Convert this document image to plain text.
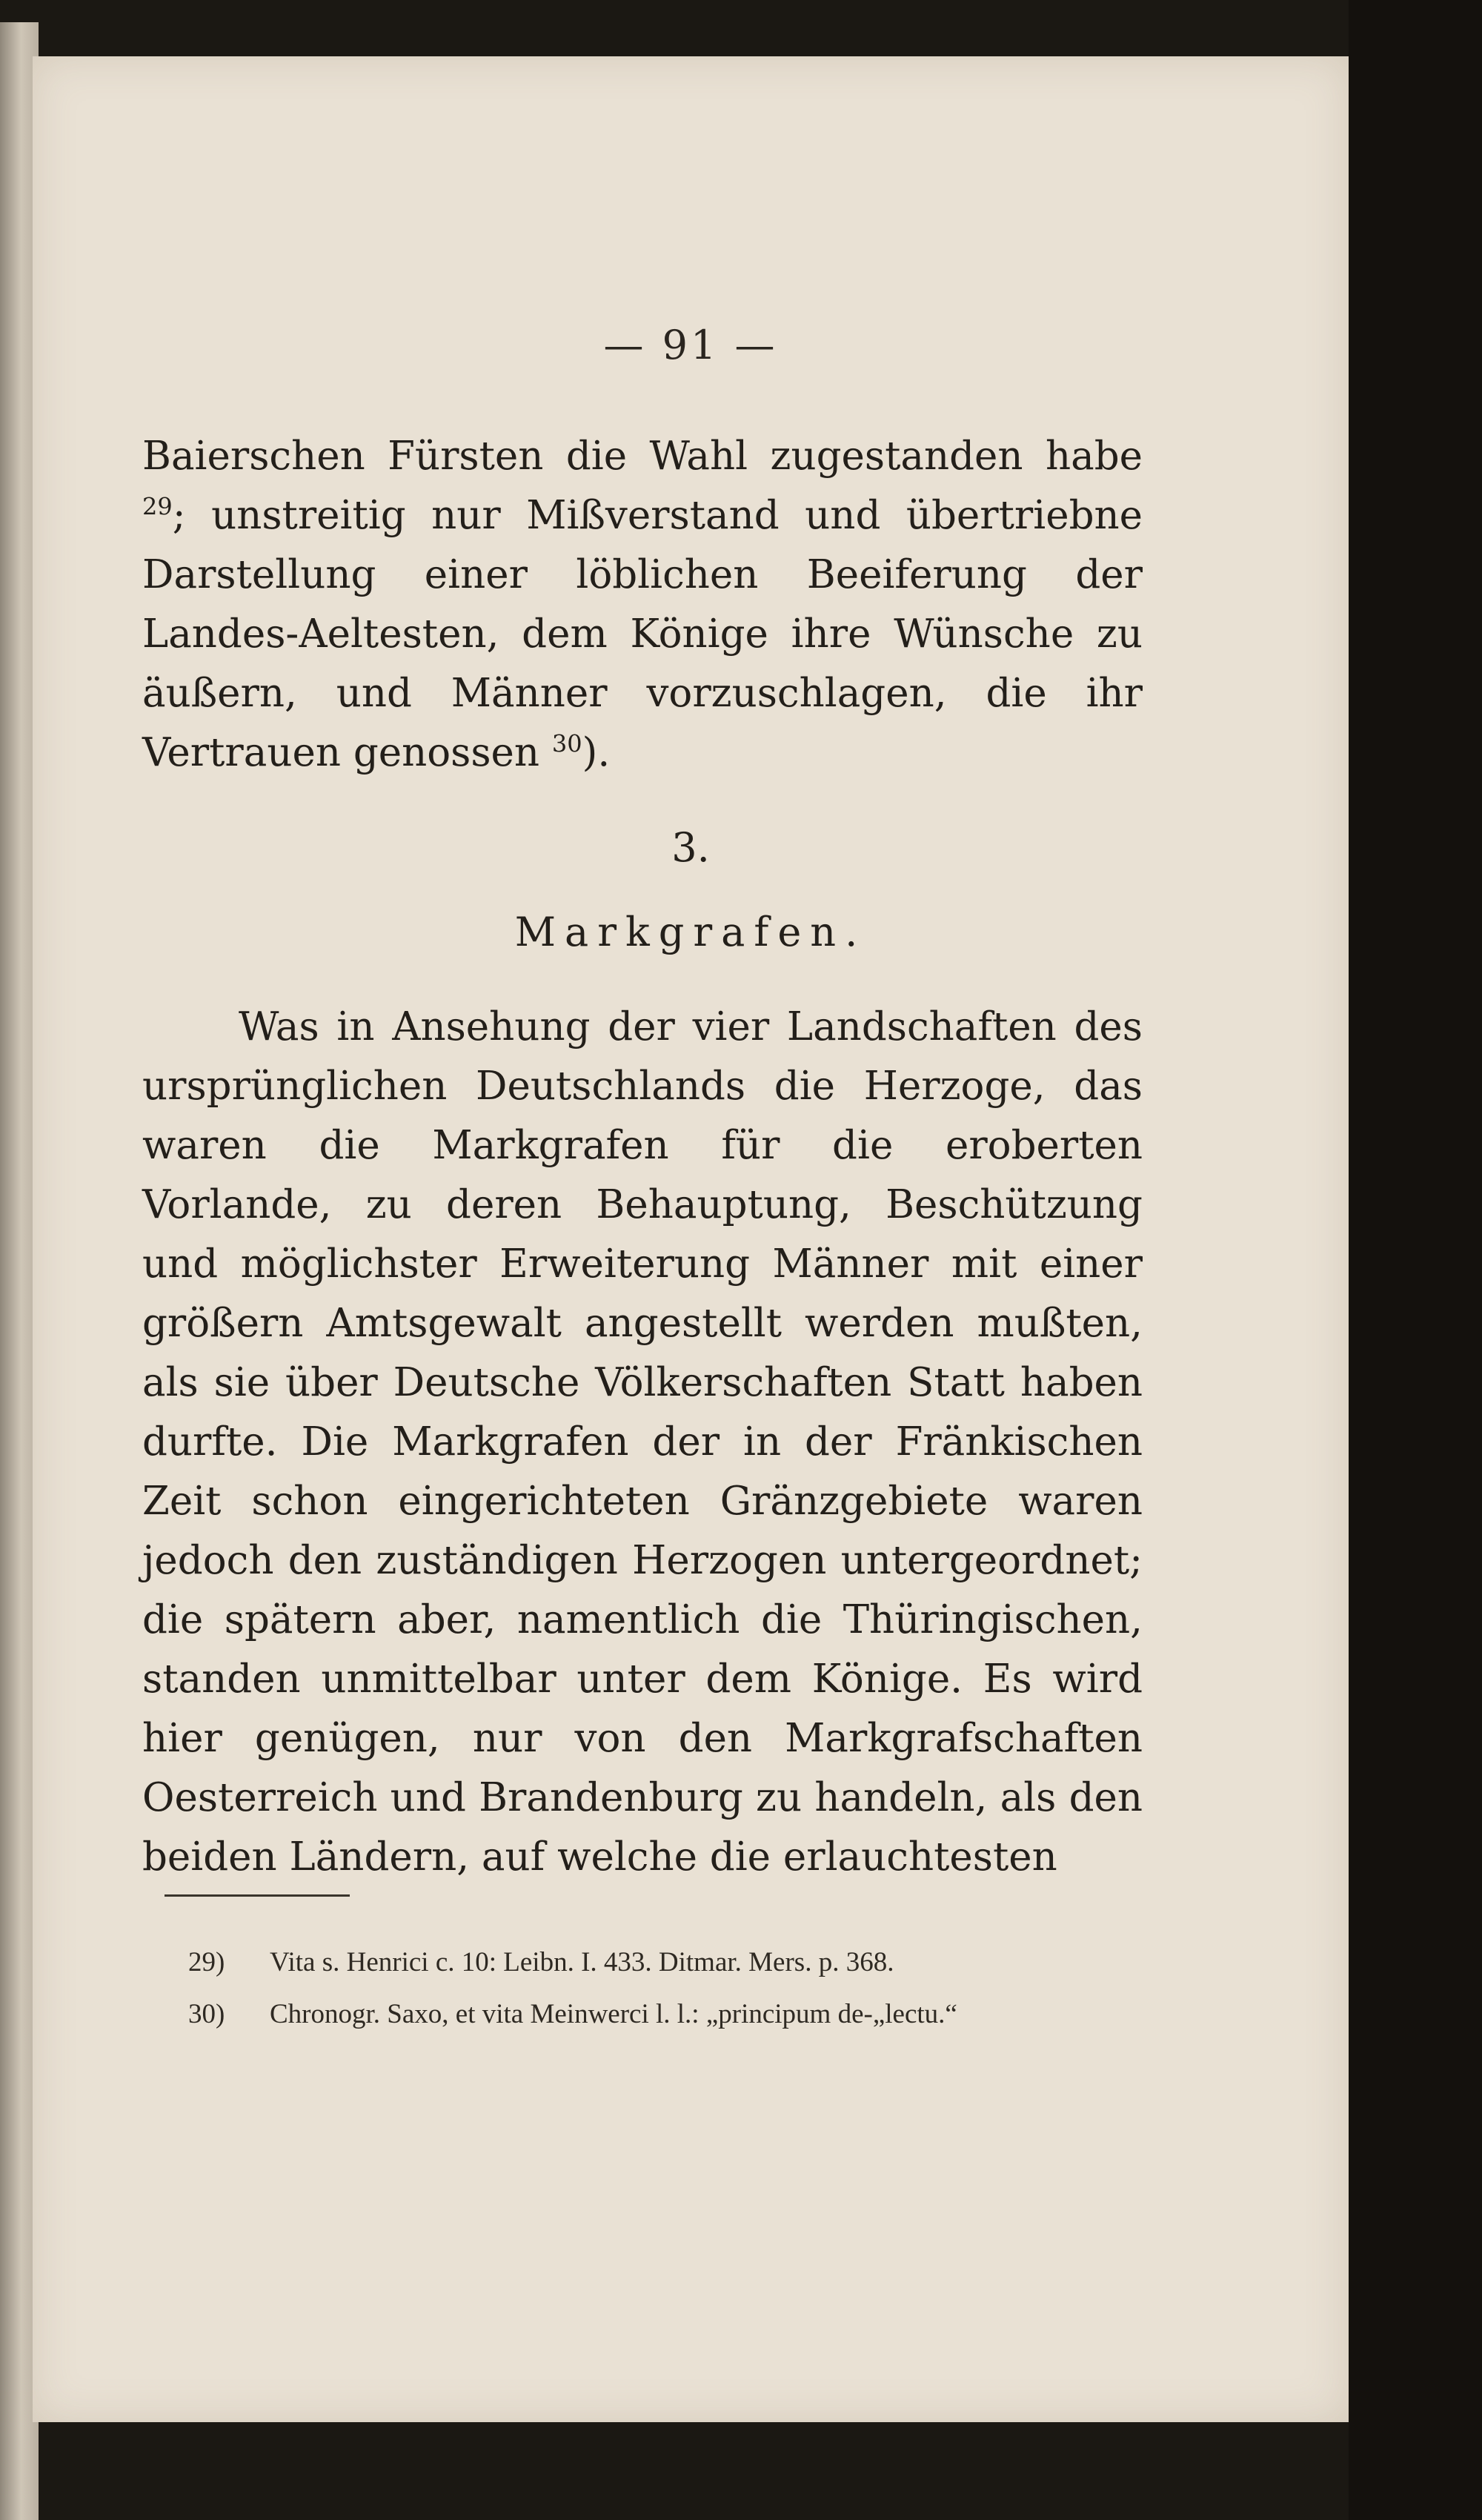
— 91 —

Baierschen Fürsten die Wahl zugestanden habe $^{29}$; unstreitig nur Mißverstand und übertriebne Darstellung einer löblichen Beeiferung der Landes-Aeltesten, dem Könige ihre Wünsche zu äußern, und Männer vorzuschlagen, die ihr Vertrauen genossen $^{30}$).

3.
Markgrafen.

Was in Ansehung der vier Landschaften des ursprünglichen Deutschlands die Herzoge, das waren die Markgrafen für die eroberten Vorlande, zu deren Behauptung, Beschützung und möglichster Erweiterung Männer mit einer größern Amtsgewalt angestellt werden mußten, als sie über Deutsche Völkerschaften Statt haben durfte. Die Markgrafen der in der Fränkischen Zeit schon eingerichteten Gränzgebiete waren jedoch den zuständigen Herzogen untergeordnet; die spätern aber, namentlich die Thüringischen, standen unmittelbar unter dem Könige. Es wird hier genügen, nur von den Markgrafschaften Oesterreich und Brandenburg zu handeln, als den beiden Ländern, auf welche die erlauchtesten

29) Vita s. Henrici c. 10: Leibn. I. 433. Ditmar. Mers. p. 368.
30) Chronogr. Saxo, et vita Meinwerci l. l.: „principum de-„lectu.“
